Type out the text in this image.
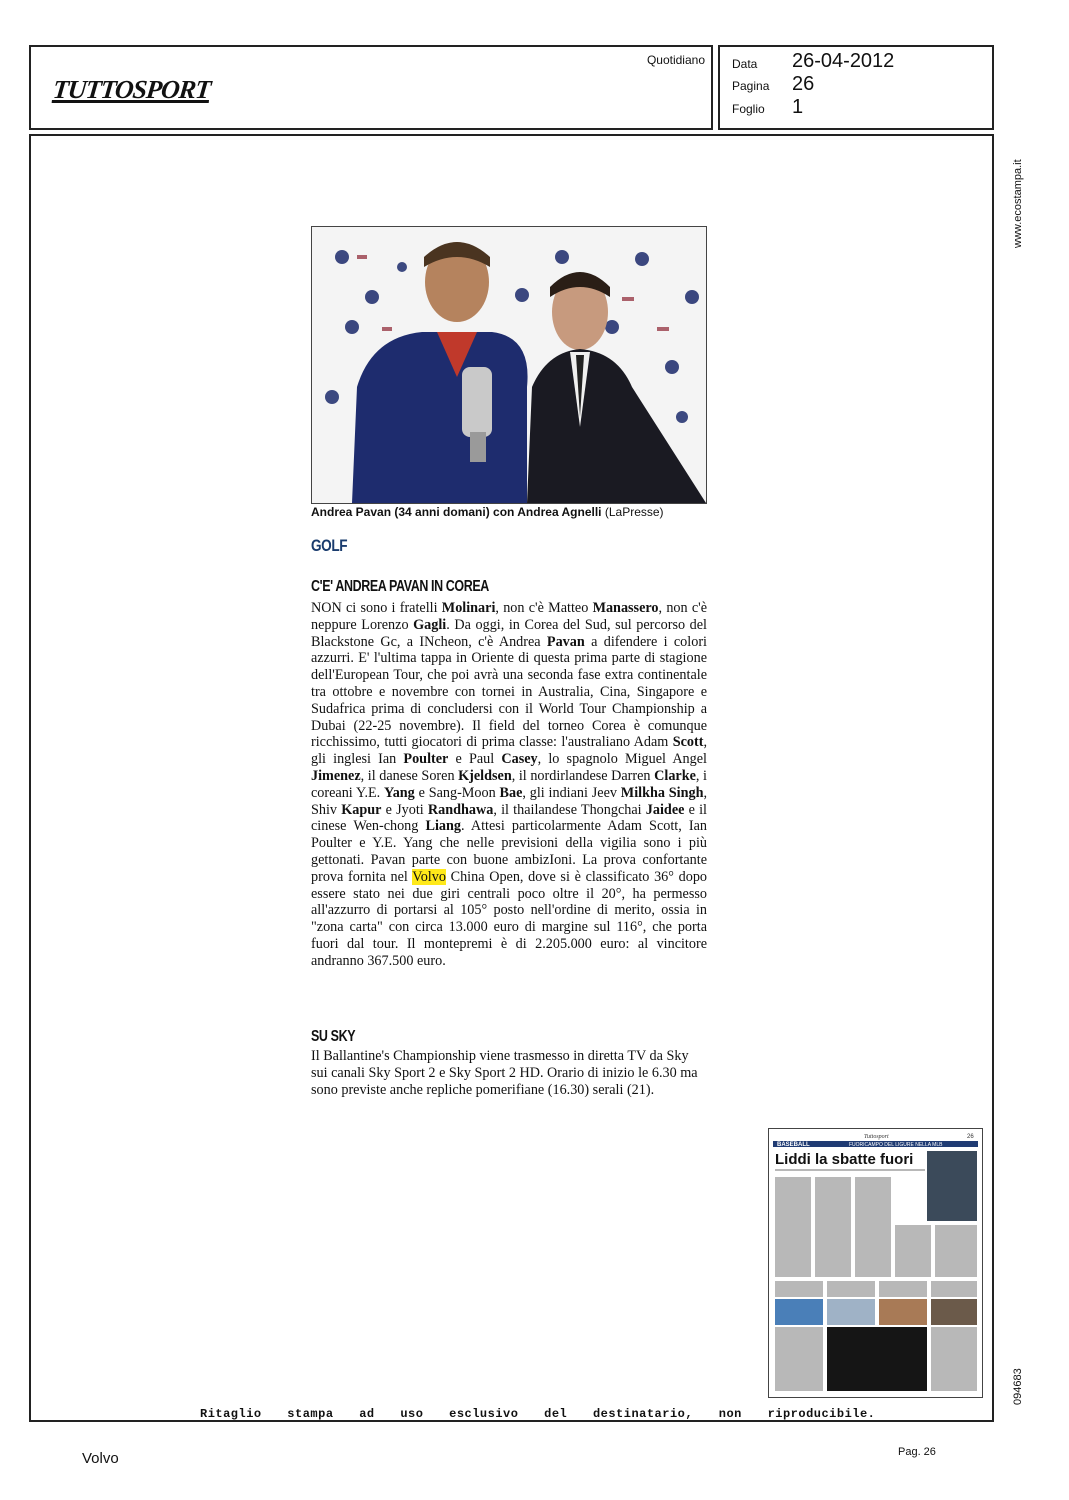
TUTTOSPORT
Quotidiano Data 26-04-2012
Pagina 26
Foglio 1
www.ecostampa.it
Andrea Pavan (34 anni domani) con Andrea Agnelli (LaPresse)
GOLF
C'E' ANDREA PAVAN IN COREA

NON ci sono i fratelli Molinari, non c'è Matteo Manassero, non c'è neppure Lorenzo Gagli. Da oggi, in Corea del Sud, sul percorso del Blackstone Gc, a INcheon, c'è Andrea Pavan a difendere i colori azzurri. E' l'ultima tappa in Oriente di questa prima parte di stagione dell'European Tour, che poi avrà una seconda fase extra continentale tra ottobre e novembre con tornei in Australia, Cina, Singapore e Sudafrica prima di concludersi con il World Tour Championship a Dubai (22-25 novembre). Il field del torneo Corea è comunque ricchissimo, tutti giocatori di prima classe: l'australiano Adam Scott, gli inglesi Ian Poulter e Paul Casey, lo spagnolo Miguel Angel Jimenez, il danese Soren Kjeldsen, il nordirlandese Darren Clarke, i coreani Y.E. Yang e Sang-Moon Bae, gli indiani Jeev Milkha Singh, Shiv Kapur e Jyoti Randhawa, il thailandese Thongchai Jaidee e il cinese Wen-chong Liang. Attesi particolarmente Adam Scott, Ian Poulter e Y.E. Yang che nelle previsioni della vigilia sono i più gettonati. Pavan parte con buone ambizIoni. La prova confortante prova fornita nel Volvo China Open, dove si è classificato 36° dopo essere stato nei due giri centrali poco oltre il 20°, ha permesso all'azzurro di portarsi al 105° posto nell'ordine di merito, ossia in "zona carta" con circa 13.000 euro di margine sul 116°, che porta fuori dal tour. Il montepremi è di 2.205.000 euro: al vincitore andranno 367.500 euro.

SU SKY
Il Ballantine's Championship viene trasmesso in diretta TV da Sky sui canali Sky Sport 2 e Sky Sport 2 HD. Orario di inizio le 6.30 ma sono previste anche repliche pomerifiane (16.30) serali (21).
BASEBALL	FUORICAMPO DEL LIGURE NELLA MLB
Tuttosport	26
Liddi la sbatte fuori
094683
Ritaglio stampa ad uso esclusivo del destinatario, non riproducibile.
Volvo	Pag. 26
